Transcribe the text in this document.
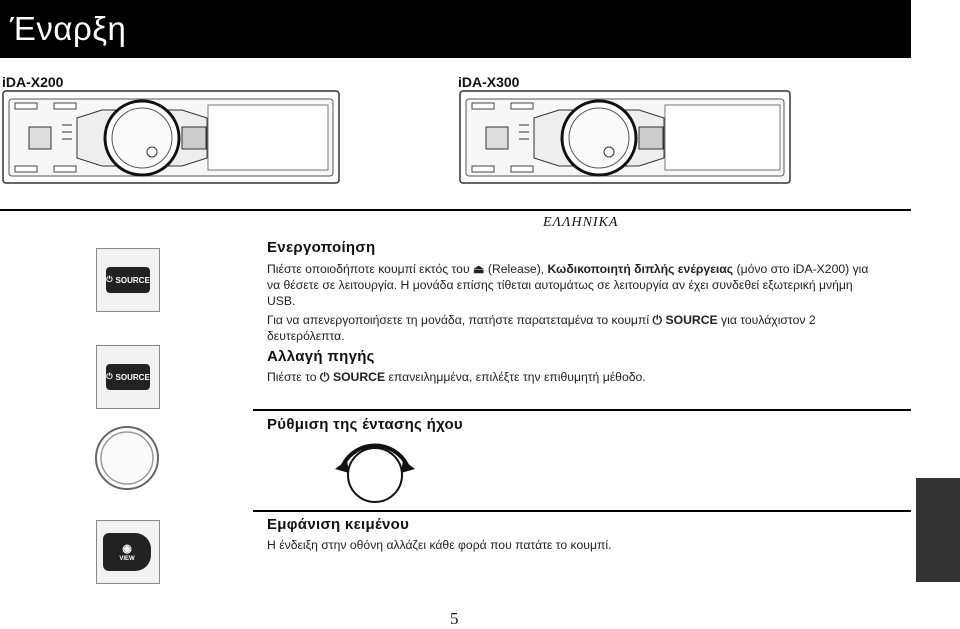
Έναρξη
iDA-X200	iDA-X300
ΕΛΛΗΝΙΚΑ
⏻ SOURCE
⏻ SOURCE
◉
VIEW
Ενεργοποίηση
Πιέστε οποιοδήποτε κουμπί εκτός του ⏏ (Release), Κωδικοποιητή διπλής ενέργειας (μόνο στο iDA-X200) για
να θέσετε σε λειτουργία. Η μονάδα επίσης τίθεται αυτομάτως σε λειτουργία αν έχει συνδεθεί εξωτερική μνήμη
USB.
Για να απενεργοποιήσετε τη μονάδα, πατήστε παρατεταμένα το κουμπί ⏻ SOURCE για τουλάχιστον 2
δευτερόλεπτα.
Αλλαγή πηγής
Πιέστε το ⏻ SOURCE επανειλημμένα, επιλέξτε την επιθυμητή μέθοδο.
Ρύθμιση της έντασης ήχου
Εμφάνιση κειμένου
Η ένδειξη στην οθόνη αλλάζει κάθε φορά που πατάτε το κουμπί.
5
